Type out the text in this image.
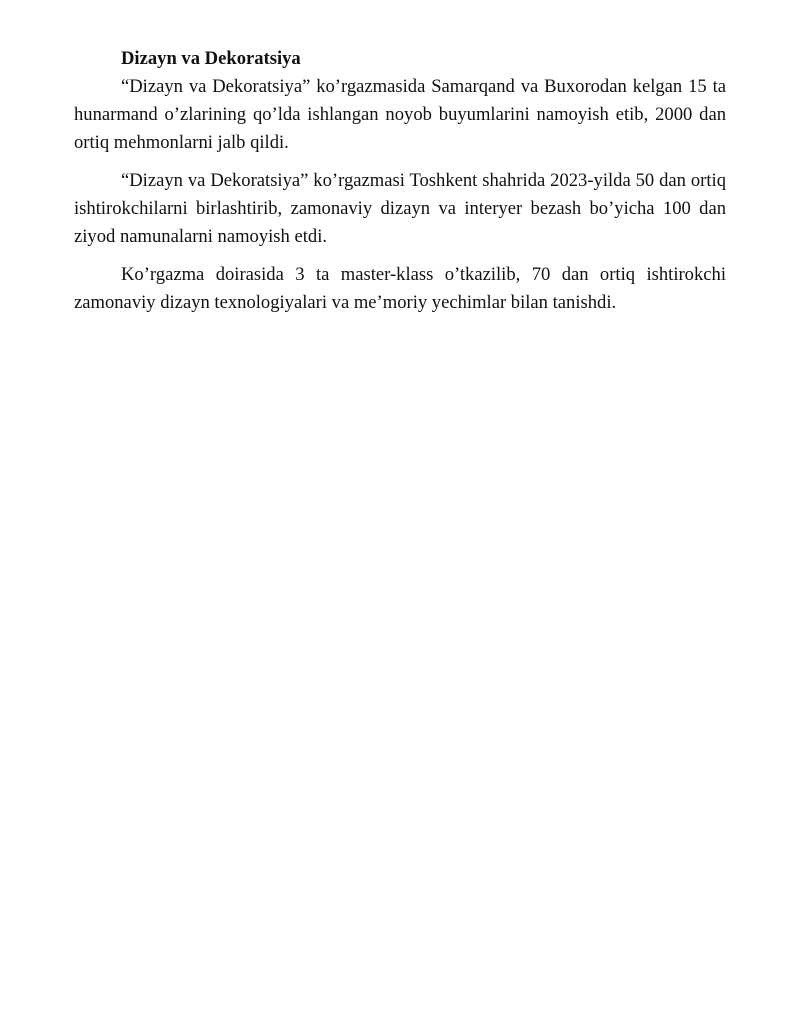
Dizayn va Dekoratsiya

“Dizayn va Dekoratsiya” ko’rgazmasida Samarqand va Buxorodan kelgan 15 ta hunarmand o’zlarining qo’lda ishlangan noyob buyumlarini namoyish etib, 2000 dan ortiq mehmonlarni jalb qildi.

“Dizayn va Dekoratsiya” ko’rgazmasi Toshkent shahrida 2023-yilda 50 dan ortiq ishtirokchilarni birlashtirib, zamonaviy dizayn va interyer bezash bo’yicha 100 dan ziyod namunalarni namoyish etdi.

Ko’rgazma doirasida 3 ta master-klass o’tkazilib, 70 dan ortiq ishtirokchi zamonaviy dizayn texnologiyalari va me’moriy yechimlar bilan tanishdi.
